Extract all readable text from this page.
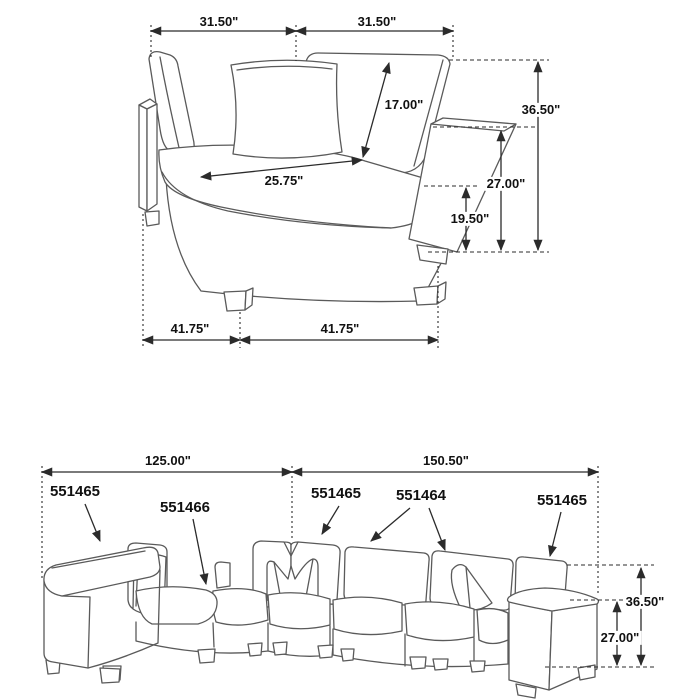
31.50"	31.50"
17.00"	36.50"
27.00"
19.50"
25.75"
41.75"	41.75"
125.00"	150.50"
36.50"
27.00"
551465
551466
551465 551464	551465
